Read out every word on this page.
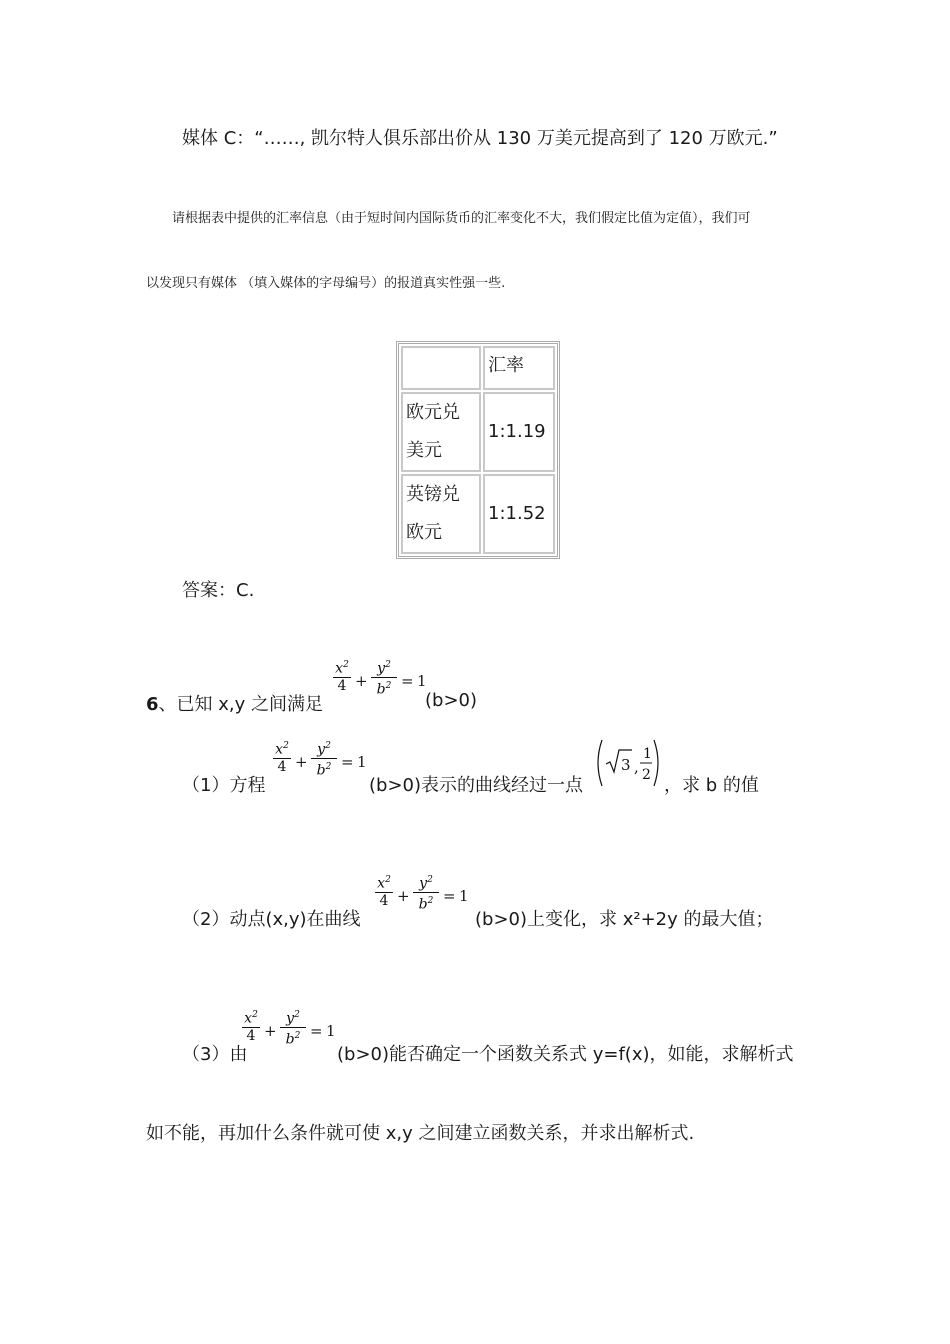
媒体 C：“……, 凯尔特人俱乐部出价从 130 万美元提高到了 120 万欧元.”
请根据表中提供的汇率信息（由于短时间内国际货币的汇率变化不大，我们假定比值为定值），我们可
以发现只有媒体 （填入媒体的字母编号）的报道真实性强一些.
	汇率
欧元兑
美元	1:1.19
英镑兑
欧元	1:1.52
答案：C.
6、已知 x,y 之间满足
$\frac{x^2}{4} + \frac{y^2}{b^2} = 1$
(b>0)
（1）方程
$\frac{x^2}{4} + \frac{y^2}{b^2} = 1$
(b>0)表示的曲线经过一点
3 ,
1
2 ，求 b 的值
（2）动点(x,y)在曲线
$\frac{x^2}{4} + \frac{y^2}{b^2} = 1$
(b>0)上变化，求 x²+2y 的最大值；
（3）由
$\frac{x^2}{4} + \frac{y^2}{b^2} = 1$
(b>0)能否确定一个函数关系式 y=f(x)，如能，求解析式
如不能，再加什么条件就可使 x,y 之间建立函数关系，并求出解析式.
